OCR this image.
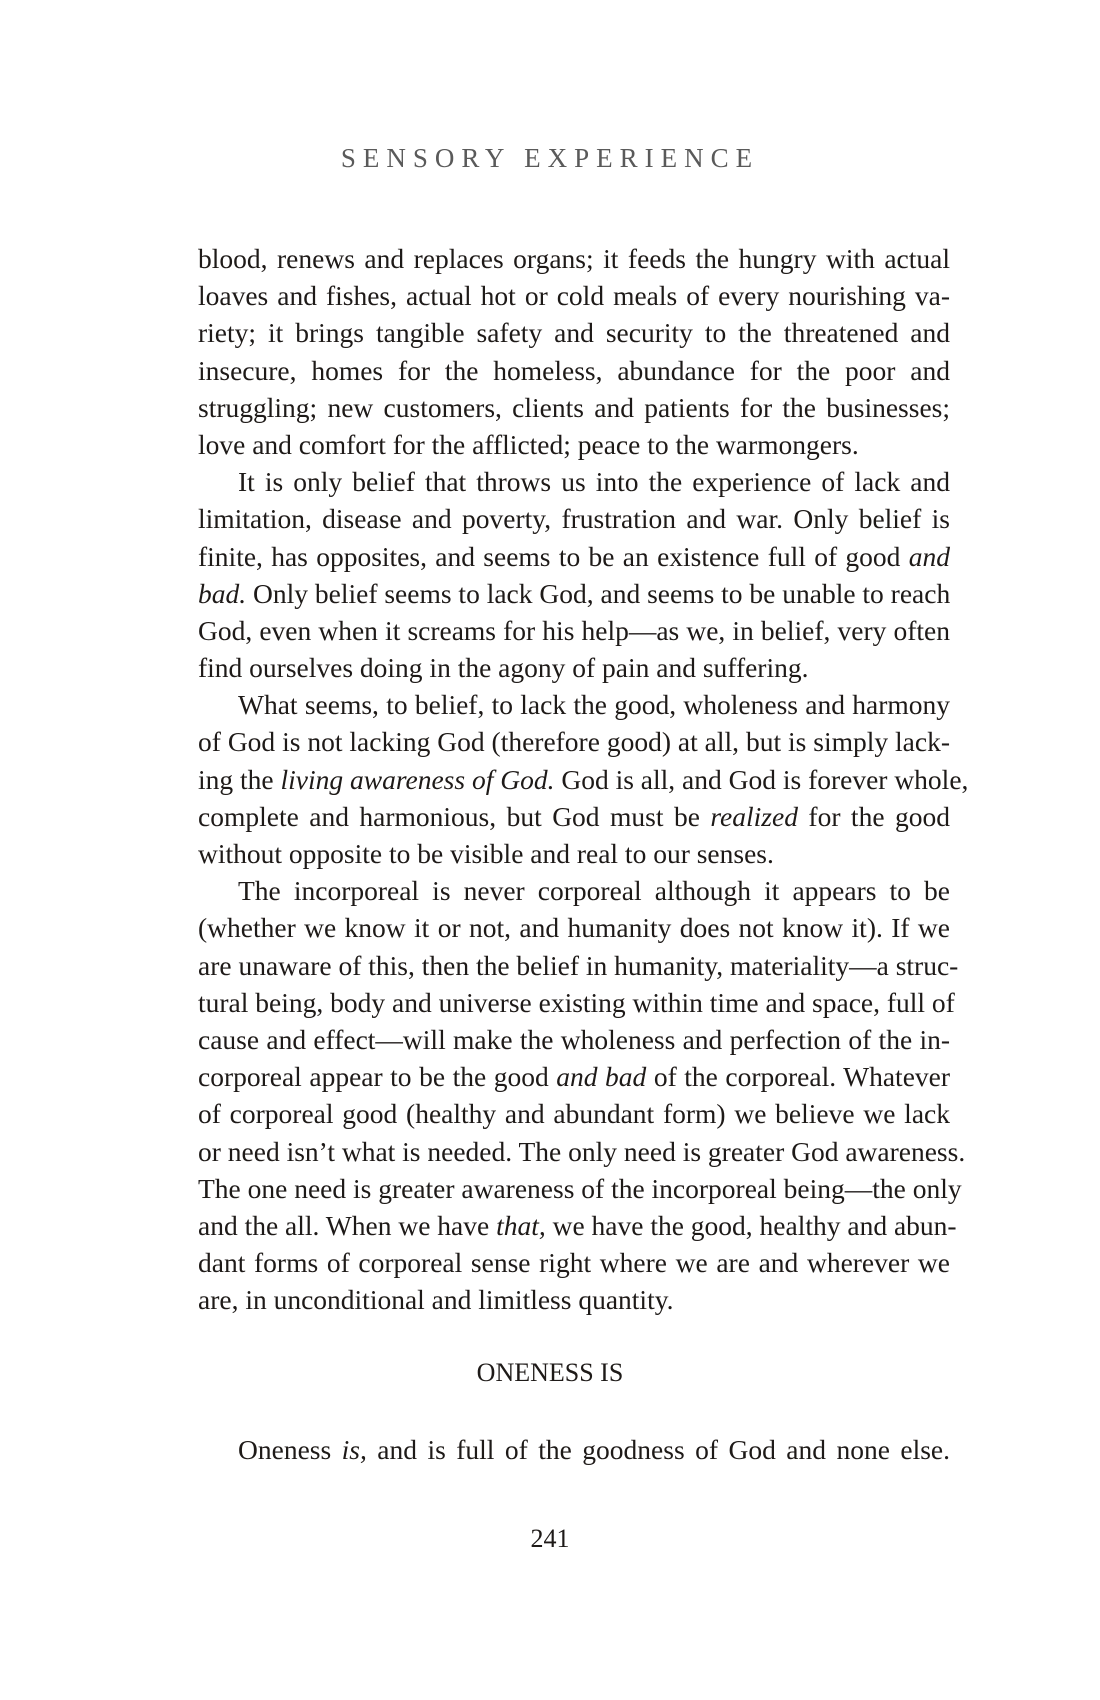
SENSORY EXPERIENCE
blood, renews and replaces organs; it feeds the hungry with actual
loaves and fishes, actual hot or cold meals of every nourishing va-
riety; it brings tangible safety and security to the threatened and
insecure, homes for the homeless, abundance for the poor and
struggling; new customers, clients and patients for the businesses;
love and comfort for the afflicted; peace to the warmongers.
It is only belief that throws us into the experience of lack and
limitation, disease and poverty, frustration and war. Only belief is
finite, has opposites, and seems to be an existence full of good and
bad. Only belief seems to lack God, and seems to be unable to reach
God, even when it screams for his help—as we, in belief, very often
find ourselves doing in the agony of pain and suffering.
What seems, to belief, to lack the good, wholeness and harmony
of God is not lacking God (therefore good) at all, but is simply lack-
ing the living awareness of God. God is all, and God is forever whole,
complete and harmonious, but God must be realized for the good
without opposite to be visible and real to our senses.
The incorporeal is never corporeal although it appears to be
(whether we know it or not, and humanity does not know it). If we
are unaware of this, then the belief in humanity, materiality—a struc-
tural being, body and universe existing within time and space, full of
cause and effect—will make the wholeness and perfection of the in-
corporeal appear to be the good and bad of the corporeal. Whatever
of corporeal good (healthy and abundant form) we believe we lack
or need isn’t what is needed. The only need is greater God awareness.
The one need is greater awareness of the incorporeal being—the only
and the all. When we have that, we have the good, healthy and abun-
dant forms of corporeal sense right where we are and wherever we
are, in unconditional and limitless quantity.
ONENESS IS
Oneness is, and is full of the goodness of God and none else.
241
